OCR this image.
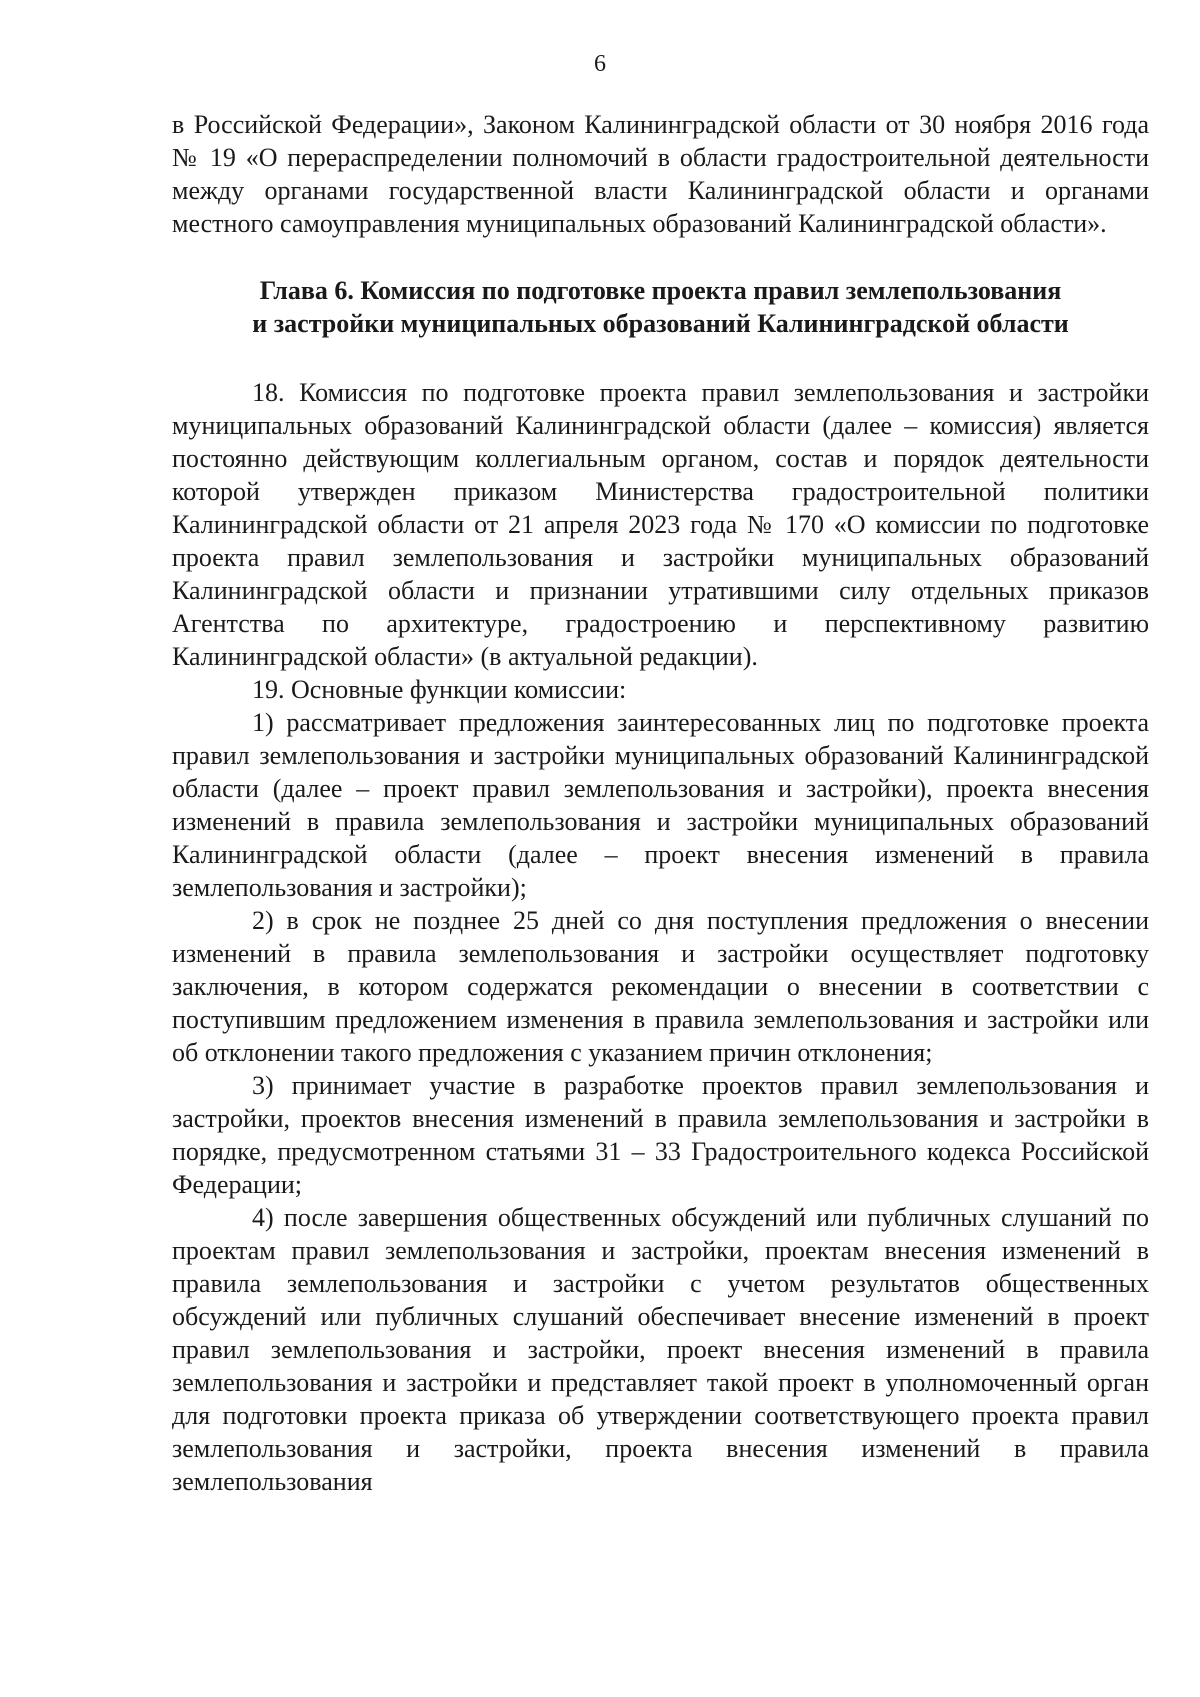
6

в Российской Федерации», Законом Калининградской области от 30 ноября 2016 года № 19 «О перераспределении полномочий в области градостроительной деятельности между органами государственной власти Калининградской области и органами местного самоуправления муниципальных образований Калининградской области».

Глава 6. Комиссия по подготовке проекта правил землепользования
и застройки муниципальных образований Калининградской области

18. Комиссия по подготовке проекта правил землепользования и застройки муниципальных образований Калининградской области (далее – комиссия) является постоянно действующим коллегиальным органом, состав и порядок деятельности которой утвержден приказом Министерства градостроительной политики Калининградской области от 21 апреля 2023 года № 170 «О комиссии по подготовке проекта правил землепользования и застройки муниципальных образований Калининградской области и признании утратившими силу отдельных приказов Агентства по архитектуре, градостроению и перспективному развитию Калининградской области» (в актуальной редакции).

19. Основные функции комиссии:

1) рассматривает предложения заинтересованных лиц по подготовке проекта правил землепользования и застройки муниципальных образований Калининградской области (далее – проект правил землепользования и застройки), проекта внесения изменений в правила землепользования и застройки муниципальных образований Калининградской области (далее – проект внесения изменений в правила землепользования и застройки);

2) в срок не позднее 25 дней со дня поступления предложения о внесении изменений в правила землепользования и застройки осуществляет подготовку заключения, в котором содержатся рекомендации о внесении в соответствии с поступившим предложением изменения в правила землепользования и застройки или об отклонении такого предложения с указанием причин отклонения;

3) принимает участие в разработке проектов правил землепользования и застройки, проектов внесения изменений в правила землепользования и застройки в порядке, предусмотренном статьями 31 – 33 Градостроительного кодекса Российской Федерации;

4) после завершения общественных обсуждений или публичных слушаний по проектам правил землепользования и застройки, проектам внесения изменений в правила землепользования и застройки с учетом результатов общественных обсуждений или публичных слушаний обеспечивает внесение изменений в проект правил землепользования и застройки, проект внесения изменений в правила землепользования и застройки и представляет такой проект в уполномоченный орган для подготовки проекта приказа об утверждении соответствующего проекта правил землепользования и застройки, проекта внесения изменений в правила землепользования
